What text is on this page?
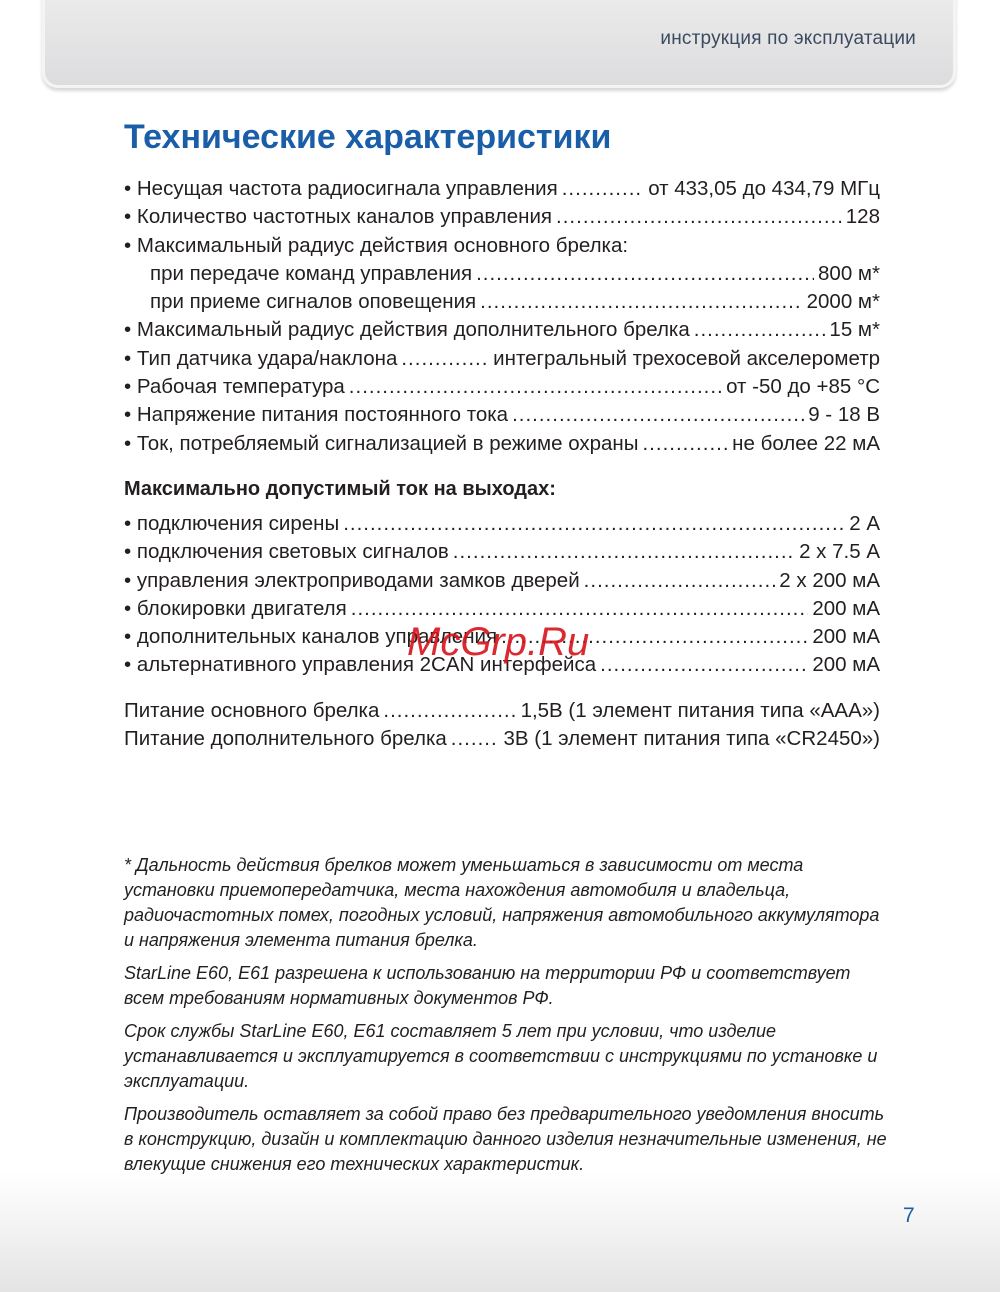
инструкция по эксплуатации
Технические характеристики
• Несущая частота радиосигнала управления .....	от 433,05 до 434,79 МГц
• Количество частотных каналов управления .....	128
• Максимальный радиус действия основного брелка:
при передаче команд управления .....	800 м*
при приеме сигналов оповещения .....	2000 м*
• Максимальный радиус действия дополнительного брелка .....	15 м*
• Тип датчика удара/наклона .....	интегральный трехосевой акселерометр
• Рабочая температура .....	от -50 до +85 °С
• Напряжение питания постоянного тока .....	9 - 18 В
• Ток, потребляемый сигнализацией в режиме охраны .....	не более 22 мА
Максимально допустимый ток на выходах:
• подключения сирены .....	2 А
• подключения световых сигналов .....	2 х 7.5 А
• управления электроприводами замков дверей .....	2 х 200 мА
• блокировки двигателя .....	200 мА
• дополнительных каналов управления .....	200 мА
• альтернативного управления 2CAN интерфейса .....	200 мА
Питание основного брелка .....	1,5В (1 элемент питания типа «ААА»)
Питание дополнительного брелка .....	3В (1 элемент питания типа «CR2450»)
McGrp.Ru

* Дальность действия брелков может уменьшаться в зависимости от места установки приемопередатчика, места нахождения автомобиля и владельца, радиочастотных помех, погодных условий, напряжения автомобильного аккумулятора и напряжения элемента питания брелка.

StarLine E60, E61 разрешена к использованию на территории РФ и соответствует всем требованиям нормативных документов РФ.

Срок службы StarLine E60, E61 составляет 5 лет при условии, что изделие устанавливается и эксплуатируется в соответствии с инструкциями по установке и эксплуатации.

Производитель оставляет за собой право без предварительного уведомления вносить в конструкцию, дизайн и комплектацию данного изделия незначительные изменения, не влекущие снижения его технических характеристик.

7
